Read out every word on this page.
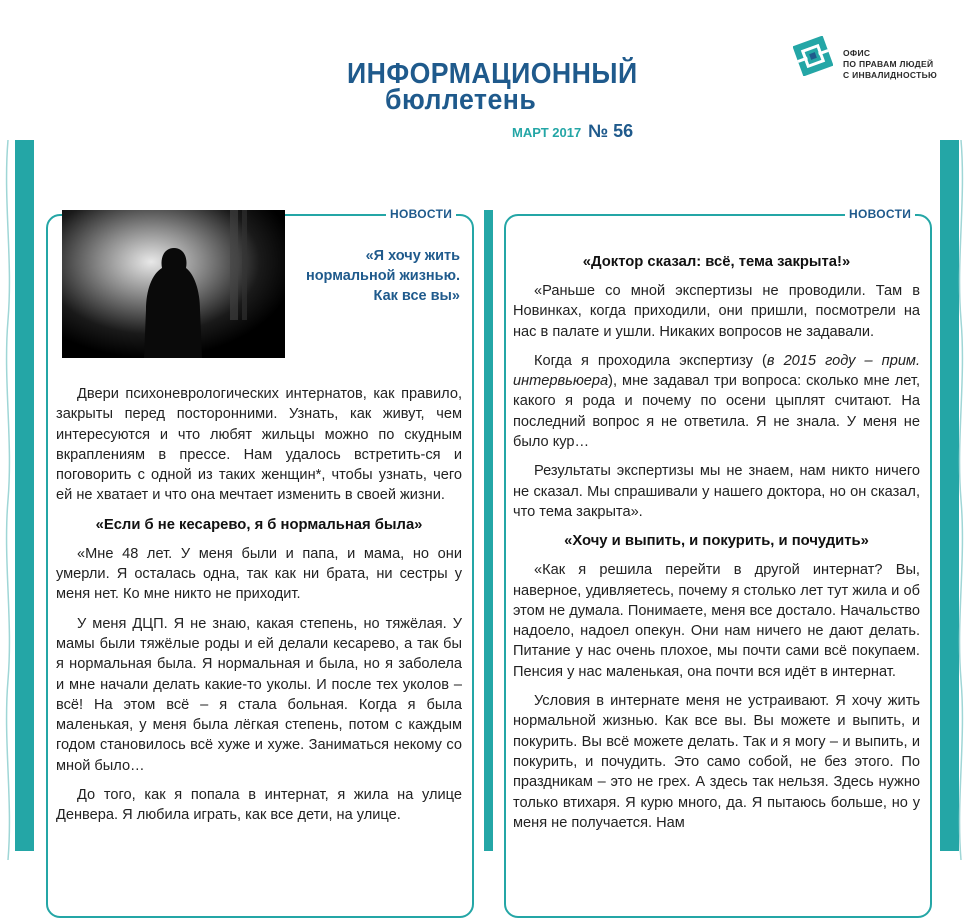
ИНФОРМАЦИОННЫЙ
бюллетень
МАРТ 2017 № 56
ОФИС
ПО ПРАВАМ ЛЮДЕЙ
С ИНВАЛИДНОСТЬЮ
НОВОСТИ	НОВОСТИ
«Я хочу жить
нормальной жизнью.
Как все вы»

Двери психоневрологических интернатов, как правило, закрыты перед посторонними. Узнать, как живут, чем интересуются и что любят жильцы можно по скудным вкраплениям в прессе. Нам удалось встретить-ся и поговорить с одной из таких женщин*, чтобы узнать, чего ей не хватает и что она мечтает изменить в своей жизни.

«Если б не кесарево, я б нормальная была»

«Мне 48 лет. У меня были и папа, и мама, но они умерли. Я осталась одна, так как ни брата, ни сестры у меня нет. Ко мне никто не приходит.

У меня ДЦП. Я не знаю, какая степень, но тяжёлая. У мамы были тяжёлые роды и ей делали кесарево, а так бы я нормальная была. Я нормальная и была, но я заболела и мне начали делать какие-то уколы. И после тех уколов – всё! На этом всё – я стала больная. Когда я была маленькая, у меня была лёгкая степень, потом с каждым годом становилось всё хуже и хуже. Заниматься некому со мной было…

До того, как я попала в интернат, я жила на улице Денвера. Я любила играть, как все дети, на улице.

«Доктор сказал: всё, тема закрыта!»

«Раньше со мной экспертизы не проводили. Там в Новинках, когда приходили, они пришли, посмотрели на нас в палате и ушли. Никаких вопросов не задавали.

Когда я проходила экспертизу (в 2015 году – прим. интервьюера), мне задавал три вопроса: сколько мне лет, какого я рода и почему по осени цыплят считают. На последний вопрос я не ответила. Я не знала. У меня не было кур…

Результаты экспертизы мы не знаем, нам никто ничего не сказал. Мы спрашивали у нашего доктора, но он сказал, что тема закрыта».

«Хочу и выпить, и покурить, и почудить»

«Как я решила перейти в другой интернат? Вы, наверное, удивляетесь, почему я столько лет тут жила и об этом не думала. Понимаете, меня все достало. Начальство надоело, надоел опекун. Они нам ничего не дают делать. Питание у нас очень плохое, мы почти сами всё покупаем. Пенсия у нас маленькая, она почти вся идёт в интернат.

Условия в интернате меня не устраивают. Я хочу жить нормальной жизнью. Как все вы. Вы можете и выпить, и покурить. Вы всё можете делать. Так и я могу – и выпить, и покурить, и почудить. Это само собой, не без этого. По праздникам – это не грех. А здесь так нельзя. Здесь нужно только втихаря. Я курю много, да. Я пытаюсь больше, но у меня не получается. Нам
